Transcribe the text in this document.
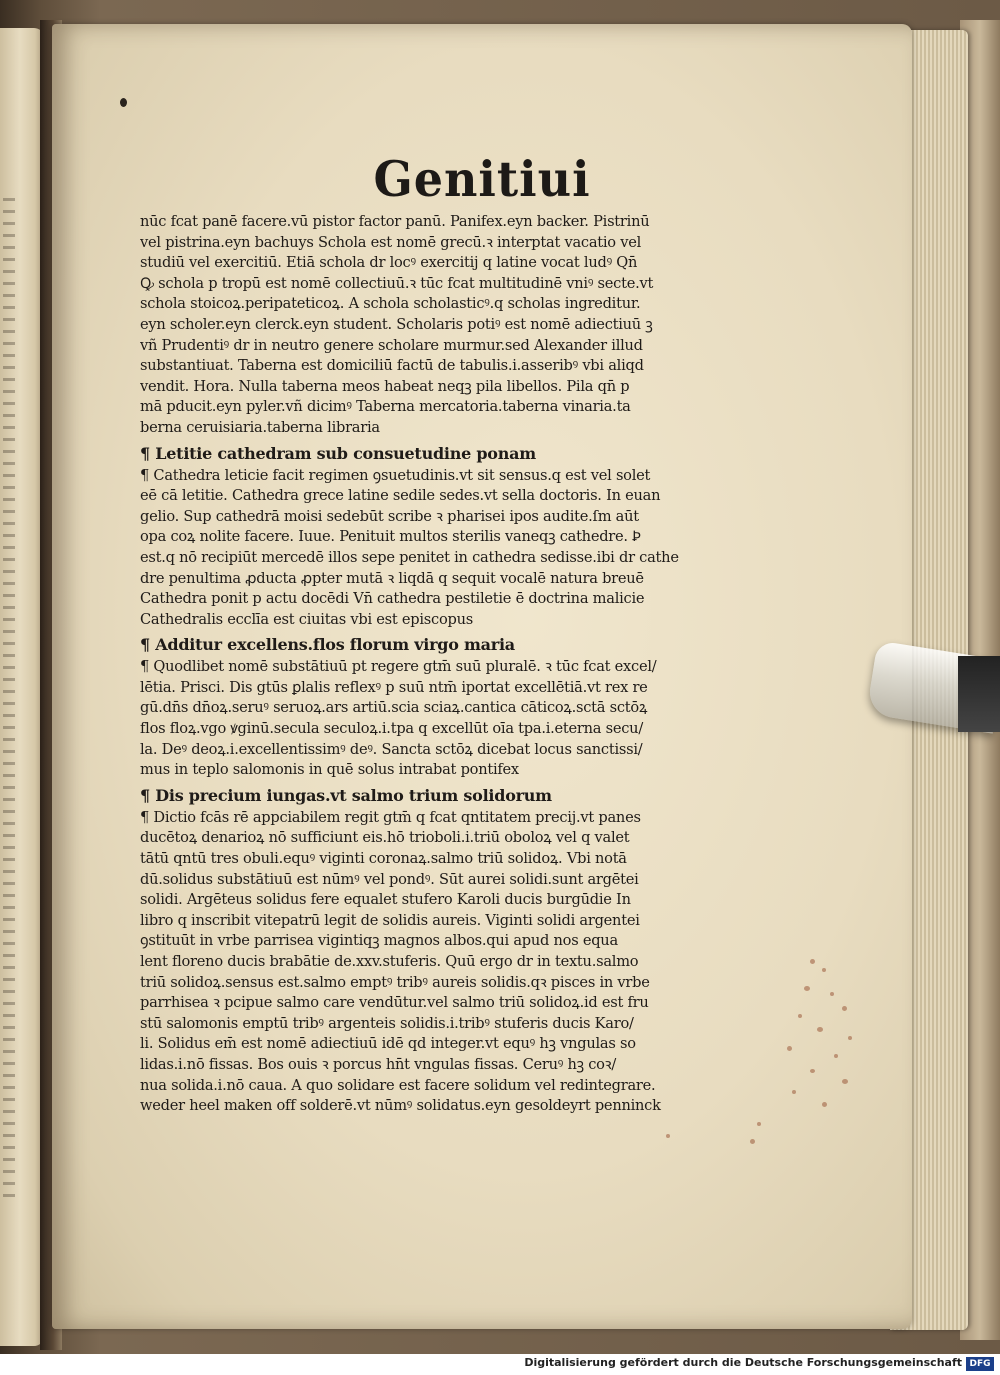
Genitiui
nūc fcat panē facere.vū pistor factor panū. Panifex.eyn backer. Pistrinū
vel pistrina.eyn bachuys Schola est nomē grecū.ꝛ interptat vacatio vel
studiū vel exercitiū. Etiā schola dr locꝰ exercitij q latine vocat ludꝰ Qn̄
Ꝙ schola p tropū est nomē collectiuū.ꝛ tūc fcat multitudinē vniꝰ secte.vt
schola stoicoꝝ.peripateticoꝝ. A schola scholasticꝰ.q scholas ingreditur.
eyn scholer.eyn clerck.eyn student. Scholaris potiꝰ est nomē adiectiuū ꝫ
vñ Prudentiꝰ dr in neutro genere scholare murmur.sed Alexander illud
substantiuat. Taberna est domiciliū factū de tabulis.i.asseribꝰ vbi aliqd
vendit. Hora. Nulla taberna meos habeat neqꝫ pila libellos. Pila qn̄ p
mā pducit.eyn pyler.vñ dicimꝰ Taberna mercatoria.taberna vinaria.ta
berna ceruisiaria.taberna libraria
¶ Letitie cathedram sub consuetudine ponam
¶ Cathedra leticie facit regimen ꝯsuetudinis.vt sit sensus.q est vel solet
eē cā letitie. Cathedra grece latine sedile sedes.vt sella doctoris. In euan
gelio. Sup cathedrā moisi sedebūt scribe ꝛ pharisei ipos audite.ſm aūt
opa coꝝ nolite facere. Iuue. Penituit multos sterilis vaneqꝫ cathedre. Ꝧ
est.q nō recipiūt mercedē illos sepe penitet in cathedra sedisse.ibi dr cathe
dre penultima ꝓducta ꝓpter mutā ꝛ liqdā q sequit vocalē natura breuē
Cathedra ponit p actu docēdi Vn̄ cathedra pestiletie ē doctrina malicie
Cathedralis ecclīa est ciuitas vbi est episcopus
¶ Additur excellens.flos florum virgo maria
¶ Quodlibet nomē substātiuū pt regere gtm̄ suū pluralē. ꝛ tūc fcat excel/
lētia. Prisci. Dis gtūs ꝑlalis reflexꝰ p suū ntm̄ iportat excellētiā.vt rex re
gū.dn̄s dn̄oꝝ.seruꝰ seruoꝝ.ars artiū.scia sciaꝝ.cantica cāticoꝝ.sctā sctōꝝ
flos floꝝ.vgo ꝟginū.secula seculoꝝ.i.tpa q excellūt oīa tpa.i.eterna secu/
la. Deꝰ deoꝝ.i.excellentissimꝰ deꝰ. Sancta sctōꝝ dicebat locus sanctissi/
mus in teplo salomonis in quē solus intrabat pontifex
¶ Dis precium iungas.vt salmo trium solidorum
¶ Dictio fcās rē appciabilem regit gtm̄ q fcat qntitatem precij.vt panes
ducētoꝝ denarioꝝ nō sufficiunt eis.hō trioboli.i.triū oboloꝝ vel q valet
tātū qntū tres obuli.equꝰ viginti coronaꝝ.salmo triū solidoꝝ. Vbi notā
dū.solidus substātiuū est nūmꝰ vel pondꝰ. Sūt aurei solidi.sunt argētei
solidi. Argēteus solidus fere equalet stufero Karoli ducis burgūdie In
libro q inscribit vitepatrū legit de solidis aureis. Viginti solidi argentei
ꝯstituūt in vrbe parrisea vigintiqꝫ magnos albos.qui apud nos equa
lent floreno ducis brabātie de.xxv.stuferis. Quū ergo dr in textu.salmo
triū solidoꝝ.sensus est.salmo emptꝰ tribꝰ aureis solidis.qꝛ pisces in vrbe
parrhisea ꝛ pcipue salmo care vendūtur.vel salmo triū solidoꝝ.id est fru
stū salomonis emptū tribꝰ argenteis solidis.i.tribꝰ stuferis ducis Karo/
li. Solidus em̄ est nomē adiectiuū idē qd integer.vt equꝰ hꝫ vngulas so
lidas.i.nō fissas. Bos ouis ꝛ porcus hn̄t vngulas fissas. Ceruꝰ hꝫ coꝛ/
nua solida.i.nō caua. A quo solidare est facere solidum vel redintegrare.
weder heel maken off solderē.vt nūmꝰ solidatus.eyn gesoldeyrt penninck
Digitalisierung gefördert durch die Deutsche Forschungsgemeinschaft DFG
